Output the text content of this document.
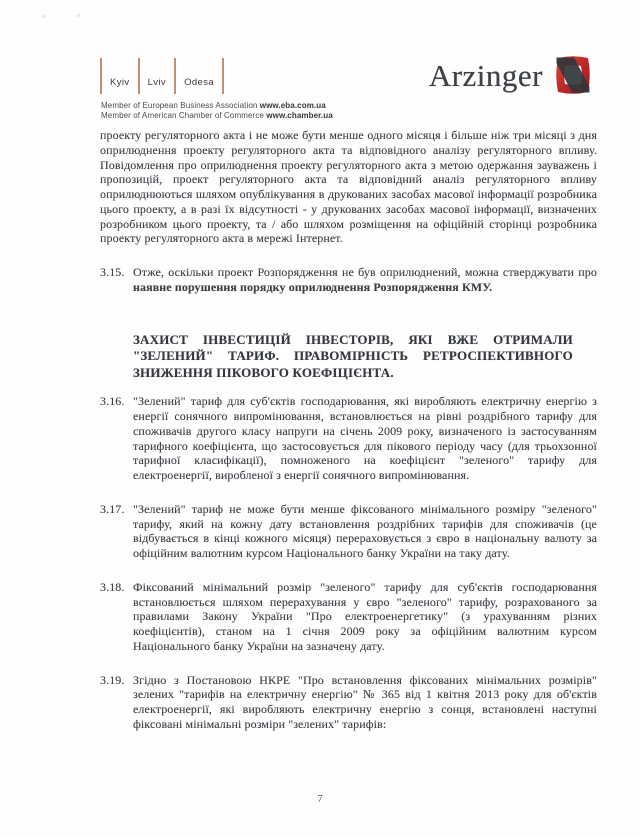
Kyiv Lviv Odesa
Member of European Business Association www.eba.com.ua
Member of American Chamber of Commerce www.chamber.ua
Arzinger
проекту регуляторного акта і не може бути менше одного місяця і більше ніж три місяці з дня оприлюднення проекту регуляторного акта та відповідного аналізу регуляторного впливу. Повідомлення про оприлюднення проекту регуляторного акта з метою одержання зауважень і пропозицій, проект регуляторного акта та відповідний аналіз регуляторного впливу оприлюднюються шляхом опублікування в друкованих засобах масової інформації розробника цього проекту, а в разі їх відсутності - у друкованих засобах масової інформації, визначених розробником цього проекту, та / або шляхом розміщення на офіційній сторінці розробника проекту регуляторного акта в мережі Інтернет.
3.15. Отже, оскільки проект Розпорядження не був оприлюднений, можна стверджувати про наявне порушення порядку оприлюднення Розпорядження КМУ.
ЗАХИСТ ІНВЕСТИЦІЙ ІНВЕСТОРІВ, ЯКІ ВЖЕ ОТРИМАЛИ "ЗЕЛЕНИЙ" ТАРИФ. ПРАВОМІРНІСТЬ РЕТРОСПЕКТИВНОГО ЗНИЖЕННЯ ПІКОВОГО КОЕФІЦІЄНТА.
3.16. "Зелений" тариф для суб'єктів господарювання, які виробляють електричну енергію з енергії сонячного випромінювання, встановлюється на рівні роздрібного тарифу для споживачів другого класу напруги на січень 2009 року, визначеного із застосуванням тарифного коефіцієнта, що застосовується для пікового періоду часу (для трьохзонної тарифної класифікації), помноженого на коефіцієнт "зеленого" тарифу для електроенергії, виробленої з енергії сонячного випромінювання.
3.17. "Зелений" тариф не може бути менше фіксованого мінімального розміру "зеленого" тарифу, який на кожну дату встановлення роздрібних тарифів для споживачів (це відбувається в кінці кожного місяця) перераховується з євро в національну валюту за офіційним валютним курсом Національного банку України на таку дату.
3.18. Фіксований мінімальний розмір "зеленого" тарифу для суб'єктів господарювання встановлюється шляхом перерахування у євро "зеленого" тарифу, розрахованого за правилами Закону України "Про електроенергетику" (з урахуванням різних коефіцієнтів), станом на 1 січня 2009 року за офіційним валютним курсом Національного банку України на зазначену дату.
3.19. Згідно з Постановою НКРЕ "Про встановлення фіксованих мінімальних розмірів" зелених "тарифів на електричну енергію" № 365 від 1 квітня 2013 року для об'єктів електроенергії, які виробляють електричну енергію з сонця, встановлені наступні фіксовані мінімальні розміри "зелених" тарифів:
7
